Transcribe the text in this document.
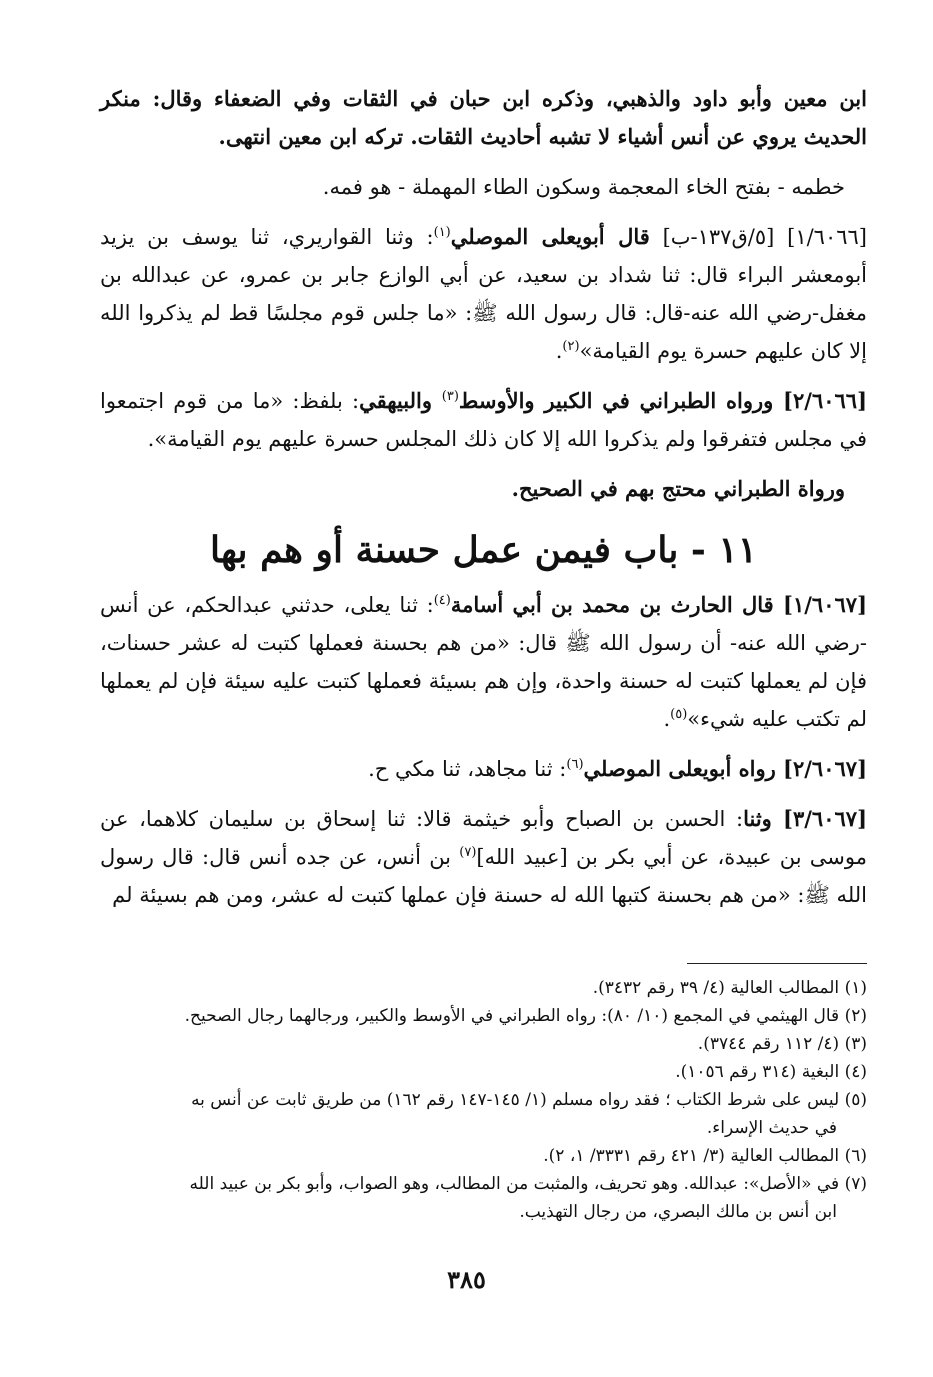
ابن معين وأبو داود والذهبي، وذكره ابن حبان في الثقات وفي الضعفاء وقال: منكر الحديث يروي عن أنس أشياء لا تشبه أحاديث الثقات. تركه ابن معين انتهى.

خطمه - بفتح الخاء المعجمة وسكون الطاء المهملة - هو فمه.

[١/٦٠٦٦] [٥/ق١٣٧-ب] قال أبويعلى الموصلي$^{(١)}$: وثنا القواريري، ثنا يوسف بن يزيد أبومعشر البراء قال: ثنا شداد بن سعيد، عن أبي الوازع جابر بن عمرو، عن عبدالله بن مغفل-رضي الله عنه-قال: قال رسول الله ﷺ: «ما جلس قوم مجلسًا قط لم يذكروا الله إلا كان عليهم حسرة يوم القيامة»$^{(٢)}$.

[٢/٦٠٦٦] ورواه الطبراني في الكبير والأوسط$^{(٣)}$ والبيهقي: بلفظ: «ما من قوم اجتمعوا في مجلس فتفرقوا ولم يذكروا الله إلا كان ذلك المجلس حسرة عليهم يوم القيامة».

ورواة الطبراني محتج بهم في الصحيح.

١١ - باب فيمن عمل حسنة أو هم بها

[١/٦٠٦٧] قال الحارث بن محمد بن أبي أسامة$^{(٤)}$: ثنا يعلى، حدثني عبدالحكم، عن أنس -رضي الله عنه- أن رسول الله ﷺ قال: «من هم بحسنة فعملها كتبت له عشر حسنات، فإن لم يعملها كتبت له حسنة واحدة، وإن هم بسيئة فعملها كتبت عليه سيئة فإن لم يعملها لم تكتب عليه شيء»$^{(٥)}$.

[٢/٦٠٦٧] رواه أبويعلى الموصلي$^{(٦)}$: ثنا مجاهد، ثنا مكي ح.

[٣/٦٠٦٧] وثنا: الحسن بن الصباح وأبو خيثمة قالا: ثنا إسحاق بن سليمان كلاهما، عن موسى بن عبيدة، عن أبي بكر بن [عبيد الله]$^{(٧)}$ بن أنس، عن جده أنس قال: قال رسول الله ﷺ: «من هم بحسنة كتبها الله له حسنة فإن عملها كتبت له عشر، ومن هم بسيئة لم

(١) المطالب العالية (٤/ ٣٩ رقم ٣٤٣٢).

(٢) قال الهيثمي في المجمع (١٠/ ٨٠): رواه الطبراني في الأوسط والكبير، ورجالهما رجال الصحيح.

(٣) (٤/ ١١٢ رقم ٣٧٤٤).

(٤) البغية (٣١٤ رقم ١٠٥٦).

(٥) ليس على شرط الكتاب ؛ فقد رواه مسلم (١/ ١٤٥-١٤٧ رقم ١٦٢) من طريق ثابت عن أنس به
في حديث الإسراء.

(٦) المطالب العالية (٣/ ٤٢١ رقم ٣٣٣١/ ١، ٢).

(٧) في «الأصل»: عبدالله. وهو تحريف، والمثبت من المطالب، وهو الصواب، وأبو بكر بن عبيد الله
ابن أنس بن مالك البصري، من رجال التهذيب.

٣٨٥
